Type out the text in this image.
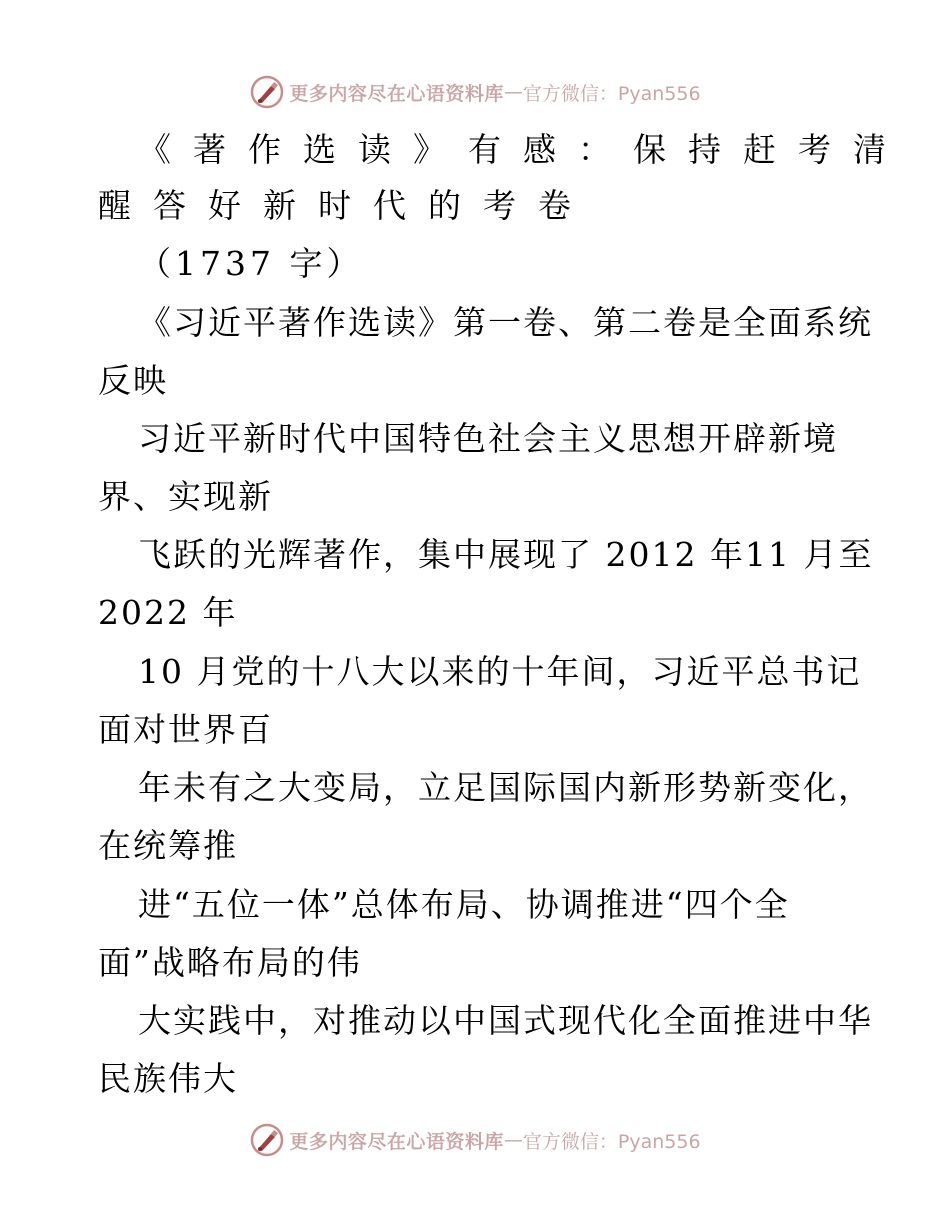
更多内容尽在心语资料库 — 官方微信：Pyan556
《著作选读》有感：保持赶考清
醒答好新时代的考卷
（1737 字）
《习近平著作选读》第一卷、第二卷是全面系统
反映
习近平新时代中国特色社会主义思想开辟新境
界、实现新
飞跃的光辉著作，集中展现了 2012 年11 月至
2022 年
10 月党的十八大以来的十年间，习近平总书记
面对世界百
年未有之大变局，立足国际国内新形势新变化，
在统筹推
进“五位一体”总体布局、协调推进“四个全
面”战略布局的伟
大实践中，对推动以中国式现代化全面推进中华
民族伟大
更多内容尽在心语资料库 — 官方微信：Pyan556
